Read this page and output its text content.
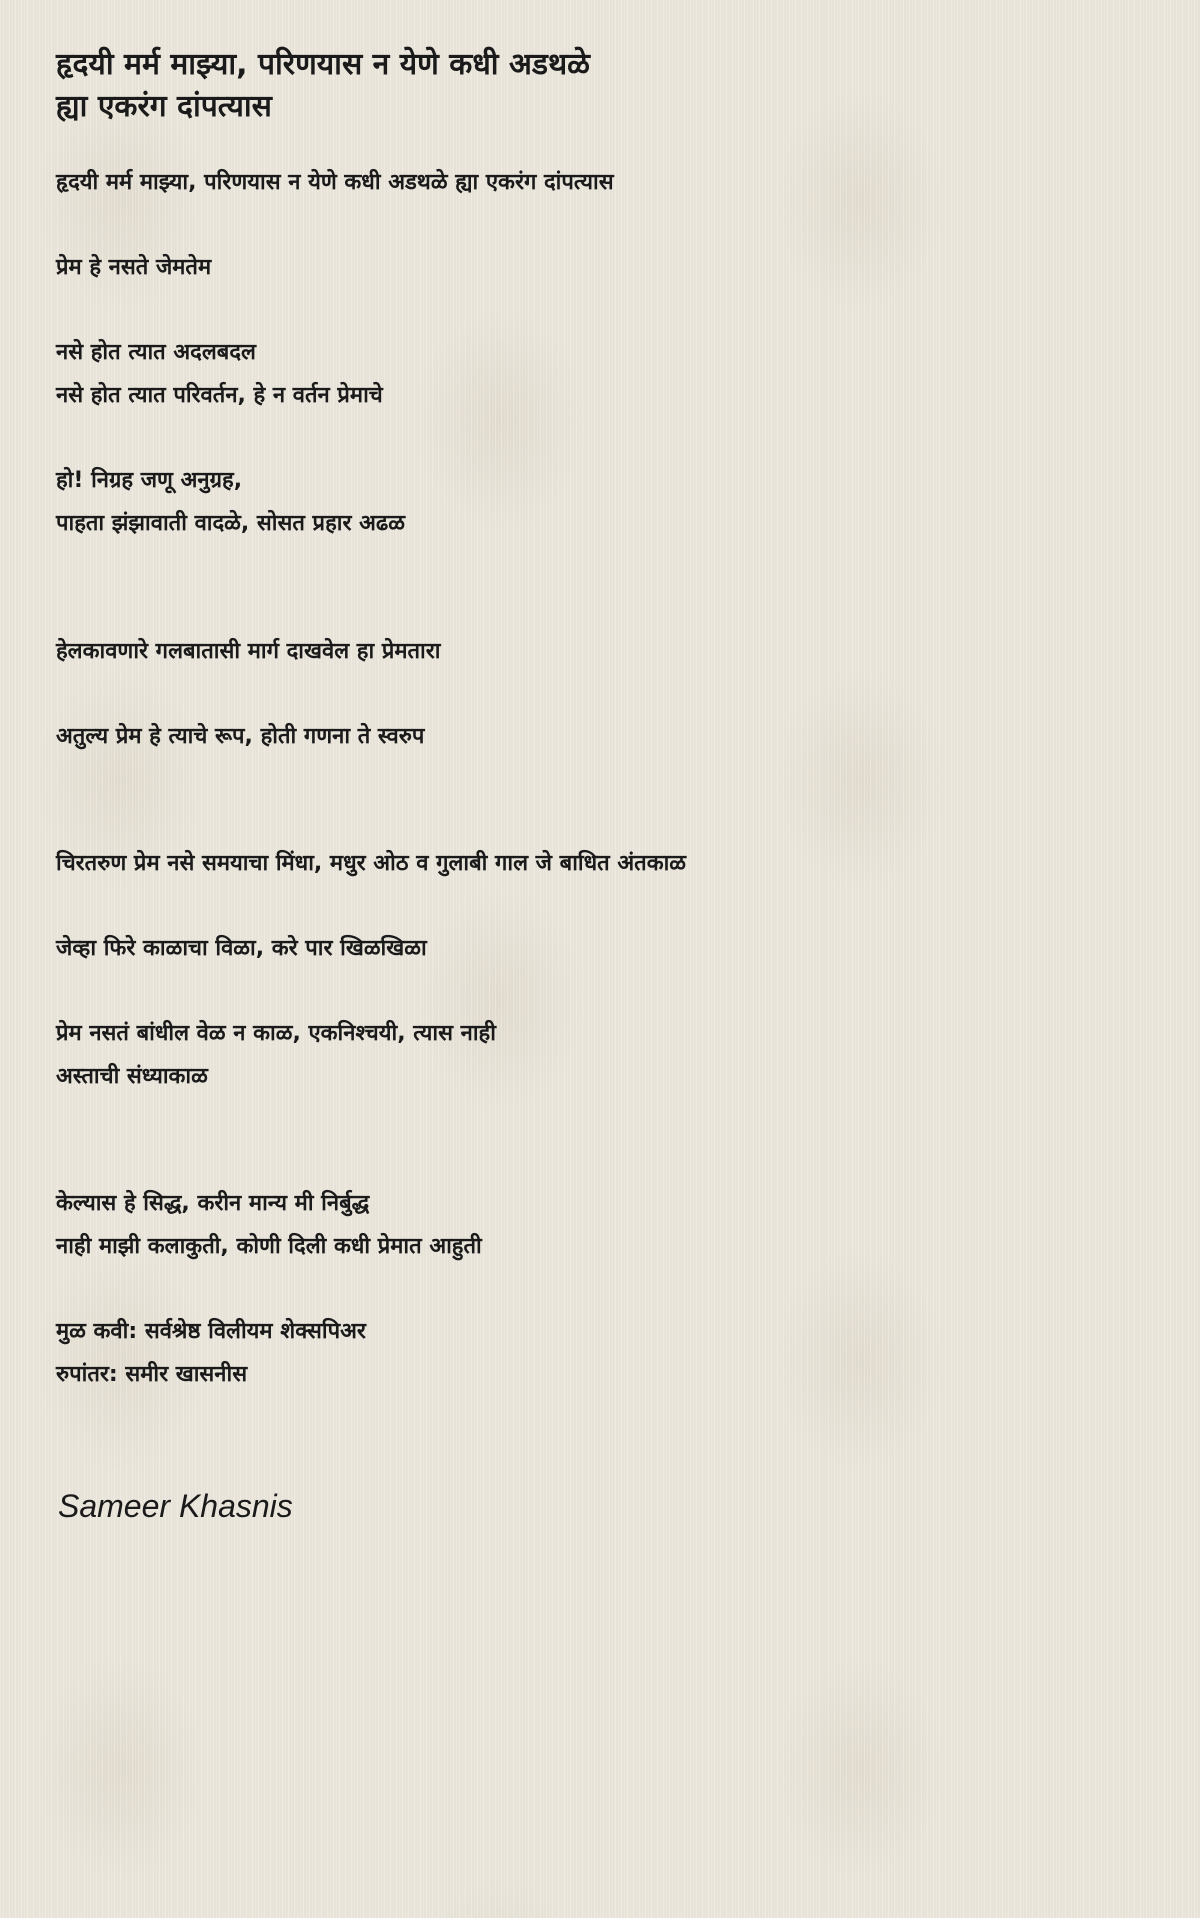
हृदयी मर्म माझ्या, परिणयास न येणे कधी अडथळे
ह्या एकरंग दांपत्यास

हृदयी मर्म माझ्या, परिणयास न येणे कधी अडथळे ह्या एकरंग दांपत्यास

प्रेम हे नसते जेमतेम

नसे होत त्यात अदलबदल

नसे होत त्यात परिवर्तन, हे न वर्तन प्रेमाचे

हो! निग्रह जणू अनुग्रह,

पाहता झंझावाती वादळे, सोसत प्रहार अढळ

हेलकावणारे गलबातासी मार्ग दाखवेल हा प्रेमतारा

अतुल्य प्रेम हे त्याचे रूप, होती गणना ते स्वरुप

चिरतरुण प्रेम नसे समयाचा मिंधा, मधुर ओठ व गुलाबी गाल जे बाधित अंतकाळ

जेव्हा फिरे काळाचा विळा, करे पार खिळखिळा

प्रेम नसतं बांधील वेळ न काळ, एकनिश्चयी, त्यास नाही

अस्ताची संध्याकाळ

केल्यास हे सिद्ध, करीन मान्य मी निर्बुद्ध

नाही माझी कलाकुती, कोणी दिली कधी प्रेमात आहुती

मुळ कवी: सर्वश्रेष्ठ विलीयम शेक्सपिअर

रुपांतर: समीर खासनीस

Sameer Khasnis
